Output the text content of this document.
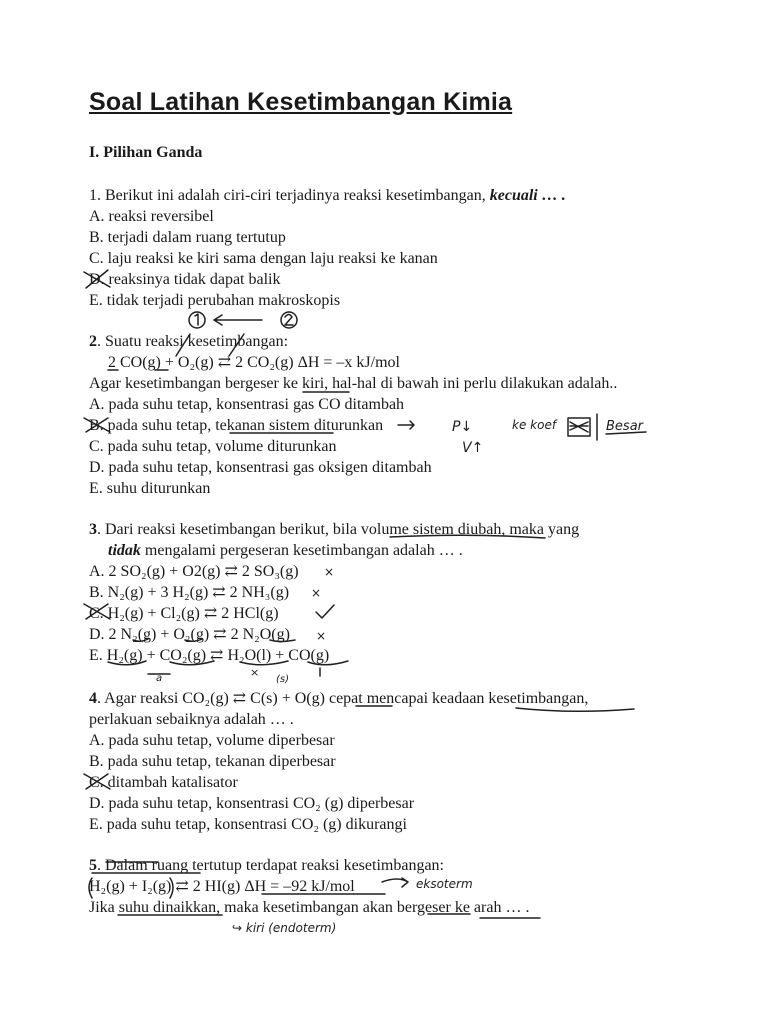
Soal Latihan Kesetimbangan Kimia
I. Pilihan Ganda
1. Berikut ini adalah ciri-ciri terjadinya reaksi kesetimbangan, kecuali … .
A. reaksi reversibel
B. terjadi dalam ruang tertutup
C. laju reaksi ke kiri sama dengan laju reaksi ke kanan
D. reaksinya tidak dapat balik
E. tidak terjadi perubahan makroskopis
2. Suatu reaksi kesetimbangan:
2 CO(g) + O₂(g) ⇄ 2 CO₂(g) ΔH = –x kJ/mol
Agar kesetimbangan bergeser ke kiri, hal-hal di bawah ini perlu dilakukan adalah..
A. pada suhu tetap, konsentrasi gas CO ditambah
B. pada suhu tetap, tekanan sistem diturunkan
C. pada suhu tetap, volume diturunkan
D. pada suhu tetap, konsentrasi gas oksigen ditambah
E. suhu diturunkan
3. Dari reaksi kesetimbangan berikut, bila volume sistem diubah, maka yang
tidak mengalami pergeseran kesetimbangan adalah … .
A. 2 SO₂(g) + O2(g) ⇄ 2 SO₃(g)
B. N₂(g) + 3 H₂(g) ⇄ 2 NH₃(g)
C. H₂(g) + Cl₂(g) ⇄ 2 HCl(g)
D. 2 N₂(g) + O₂(g) ⇄ 2 N₂O(g)
E. H₂(g) + CO₂(g) ⇄ H₂O(l) + CO(g)
4. Agar reaksi CO₂(g) ⇄ C(s) + O(g) cepat mencapai keadaan kesetimbangan,
perlakuan sebaiknya adalah … .
A. pada suhu tetap, volume diperbesar
B. pada suhu tetap, tekanan diperbesar
C. ditambah katalisator
D. pada suhu tetap, konsentrasi CO₂ (g) diperbesar
E. pada suhu tetap, konsentrasi CO₂ (g) dikurangi
5. Dalam ruang tertutup terdapat reaksi kesetimbangan:
H₂(g) + I₂(g) ⇄ 2 HI(g) ΔH = –92 kJ/mol
Jika suhu dinaikkan, maka kesetimbangan akan bergeser ke arah … .
P↓
V↑
ke koef	Besar
×
×
×
×
(s)
a
eksoterm
↪ kiri (endoterm)
